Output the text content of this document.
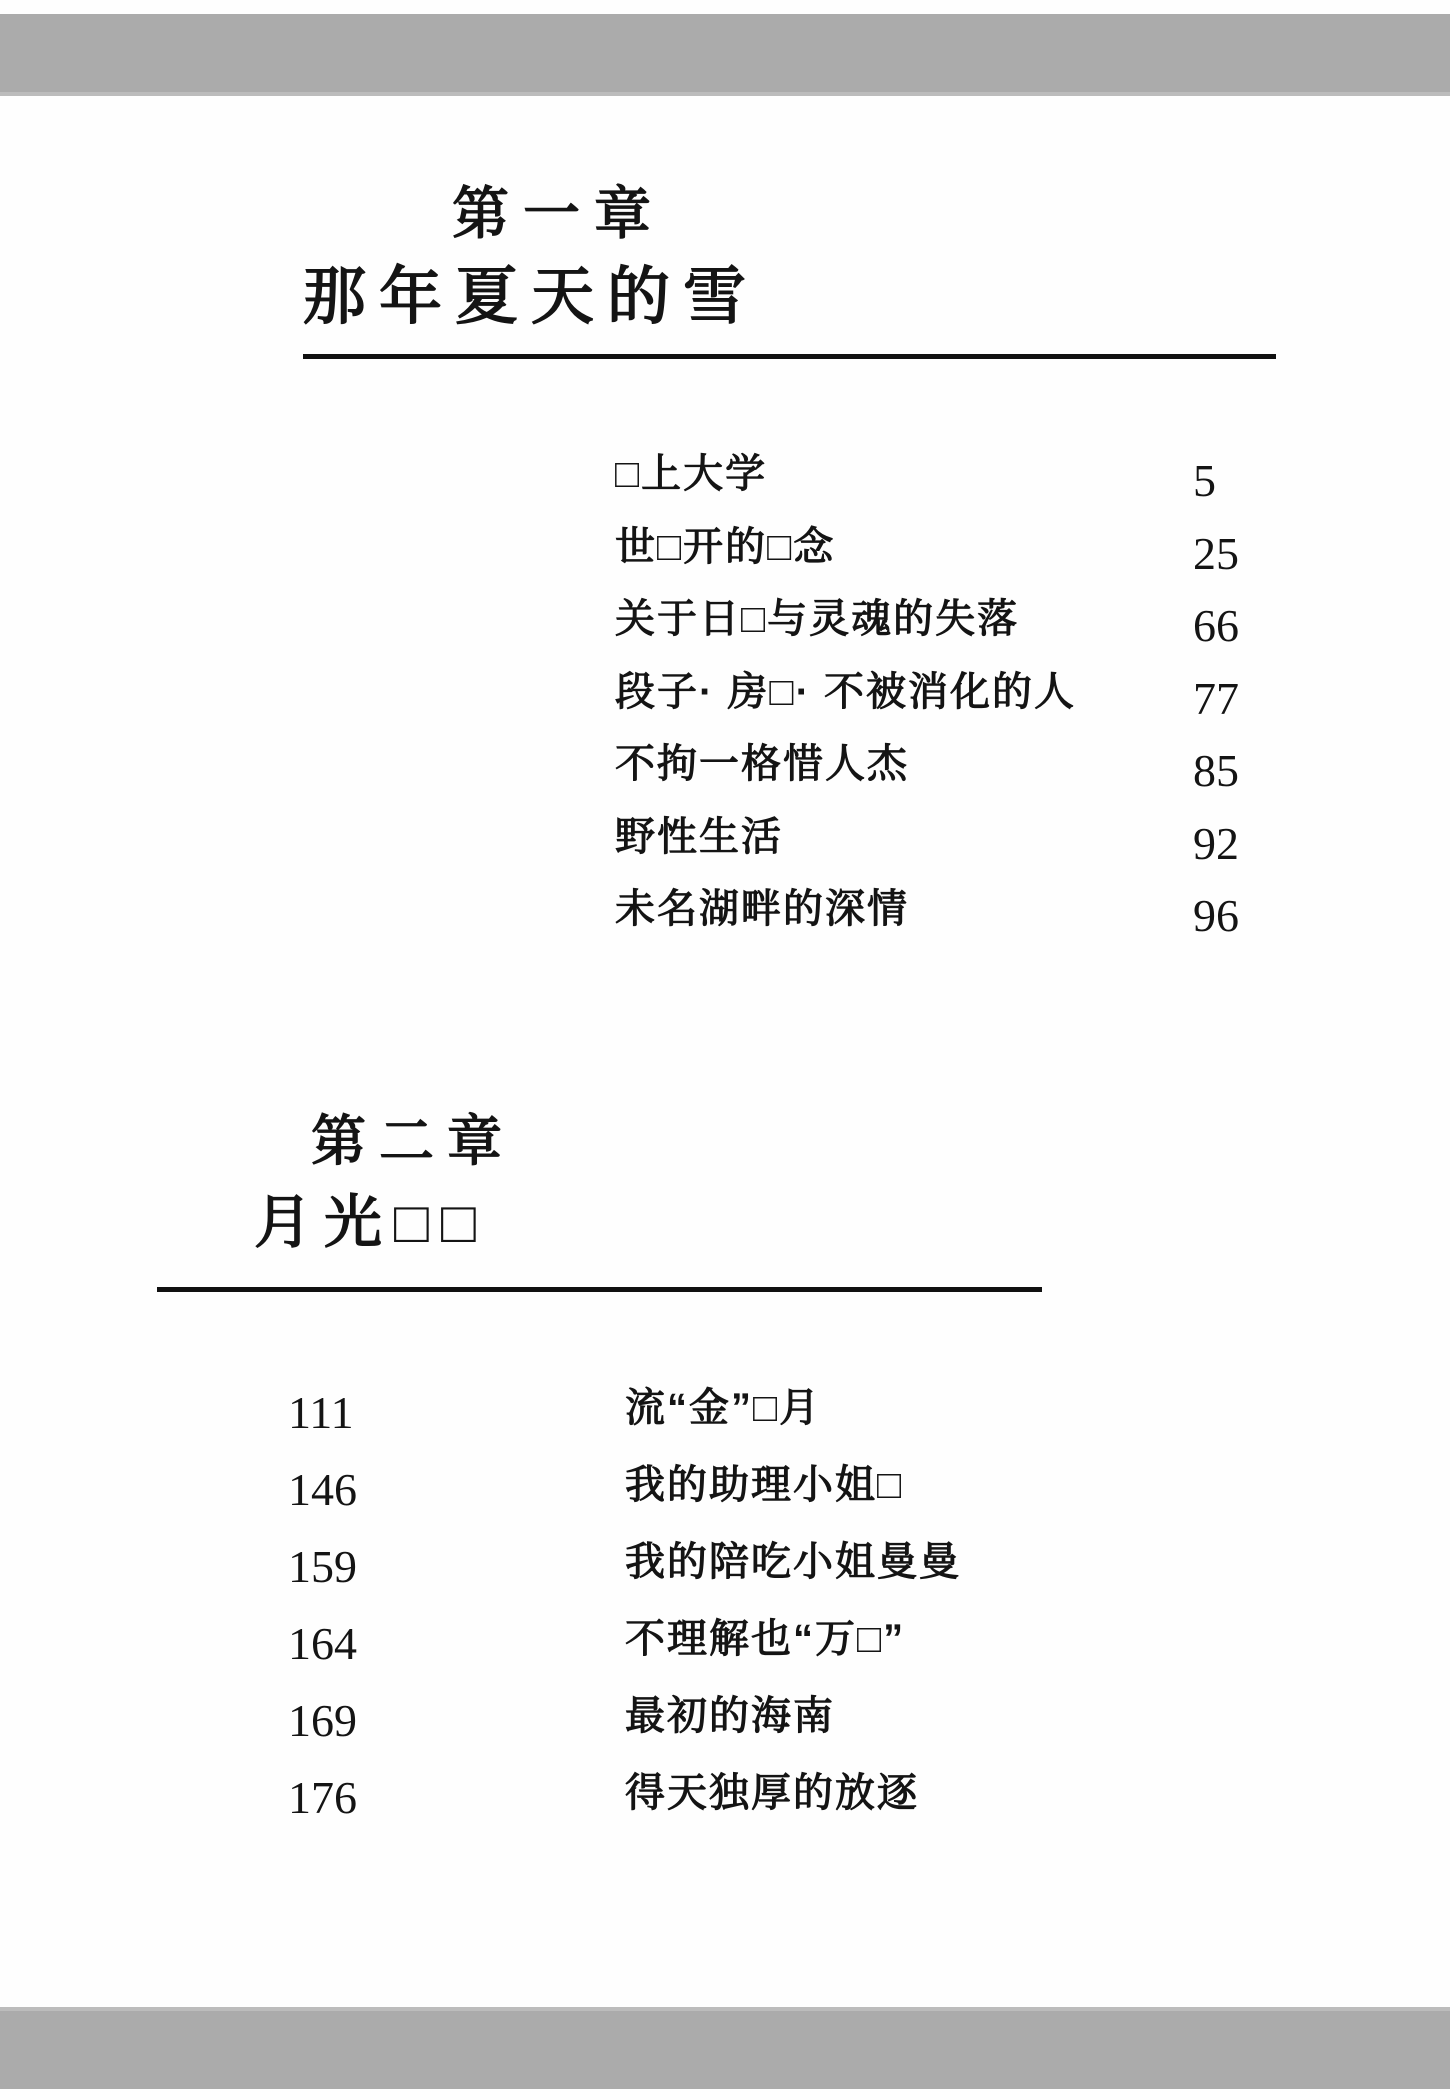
第一章
那年夏天的雪
□上大学	5
世□开的□念	25
关于日□与灵魂的失落	66
段子· 房□· 不被消化的人	77
不拘一格惜人杰	85
野性生活	92
未名湖畔的深情	96
第二章
月光□□
111	流“金”□月
146	我的助理小姐□
159	我的陪吃小姐曼曼
164	不理解也“万□”
169	最初的海南
176	得天独厚的放逐
